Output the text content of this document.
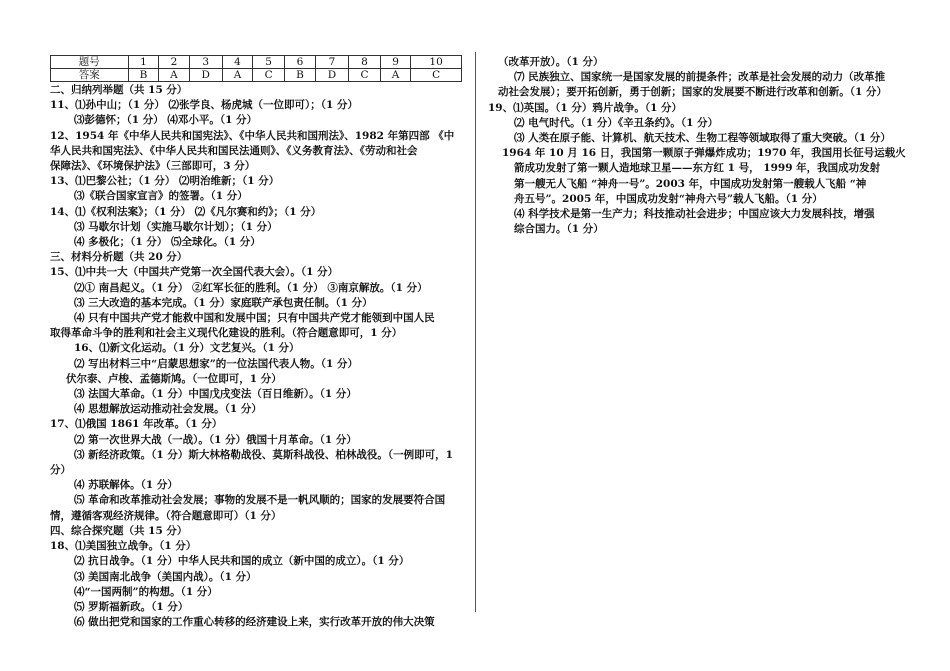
题号	1	2	3	4	5	6	7	8	9	10
答案	B	A	D	A	C	B	D	C	A	C
二、归纳列举题（共 15 分）
11、⑴孙中山；（1 分） ⑵张学良、杨虎城（一位即可）；（1 分）
⑶彭德怀；（1 分） ⑷邓小平。（1 分）
12、1954 年《中华人民共和国宪法》、《中华人民共和国刑法》、1982 年第四部 《中
华人民共和国宪法》、《中华人民共和国民法通则》、《义务教育法》、《劳动和社会
保障法》、《环境保护法》（三部即可，3 分）
13、⑴巴黎公社；（1 分） ⑵明治维新；（1 分）
⑶《联合国家宣言》的签署。（1 分）
14、⑴《权利法案》；（1 分） ⑵《凡尔赛和约》；（1 分）
⑶ 马歇尔计划（实施马歇尔计划）；（1 分）
⑷ 多极化；（1 分） ⑸全球化。（1 分）
三、材料分析题（共 20 分）
15、⑴中共一大（中国共产党第一次全国代表大会）。（1 分）
⑵① 南昌起义。（1 分） ②红军长征的胜利。（1 分） ③南京解放。（1 分）
⑶ 三大改造的基本完成。（1 分）家庭联产承包责任制。（1 分）
⑷ 只有中国共产党才能救中国和发展中国；只有中国共产党才能领到中国人民
取得革命斗争的胜利和社会主义现代化建设的胜利。（符合题意即可，1 分）
16、⑴新文化运动。（1 分）文艺复兴。（1 分）
⑵ 写出材料三中“启蒙思想家”的一位法国代表人物。（1 分）
伏尔泰、卢梭、孟德斯鸠。（一位即可，1 分）
⑶ 法国大革命。（1 分）中国戊戌变法（百日维新）。（1 分）
⑷ 思想解放运动推动社会发展。（1 分）
17、⑴俄国 1861 年改革。（1 分）
⑵ 第一次世界大战（一战）。（1 分）俄国十月革命。（1 分）
⑶ 新经济政策。（1 分）斯大林格勒战役、莫斯科战役、柏林战役。（一例即可，1
分）
⑷ 苏联解体。（1 分）
⑸ 革命和改革推动社会发展；事物的发展不是一帆风顺的；国家的发展要符合国
情，遵循客观经济规律。（符合题意即可）（1 分）
四、综合探究题（共 15 分）
18、⑴美国独立战争。（1 分）
⑵ 抗日战争。（1 分）中华人民共和国的成立（新中国的成立）。（1 分）
⑶ 美国南北战争（美国内战）。（1 分）
⑷“一国两制”的构想。（1 分）
⑸ 罗斯福新政。（1 分）
⑹ 做出把党和国家的工作重心转移的经济建设上来，实行改革开放的伟大决策
（改革开放）。（1 分）
⑺ 民族独立、国家统一是国家发展的前提条件；改革是社会发展的动力（改革推
动社会发展）；要开拓创新，勇于创新；国家的发展要不断进行改革和创新。（1 分）
19、⑴英国。（1 分）鸦片战争。（1 分）
⑵ 电气时代。（1 分）《辛丑条约》。（1 分）
⑶ 人类在原子能、计算机、航天技术、生物工程等领域取得了重大突破。（1 分）
1964 年 10 月 16 日，我国第一颗原子弹爆炸成功；1970 年，我国用长征号运载火
箭成功发射了第一颗人造地球卫星——东方红 1 号， 1999 年，我国成功发射
第一艘无人飞船 “神舟一号”。2003 年，中国成功发射第一艘载人飞船 “神
舟五号”。2005 年，中国成功发射“神舟六号”载人飞船。（1 分）
⑷ 科学技术是第一生产力；科技推动社会进步；中国应该大力发展科技，增强
综合国力。（1 分）
